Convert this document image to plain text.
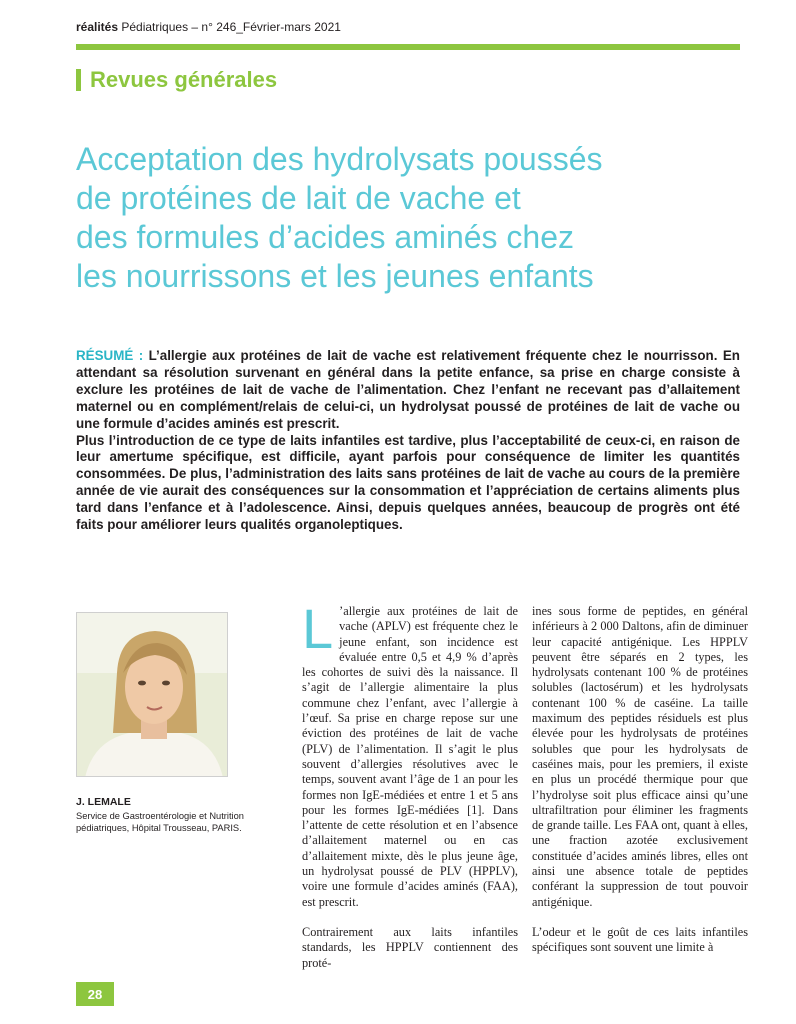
réalités Pédiatriques – n° 246_Février-mars 2021
Revues générales
Acceptation des hydrolysats poussés
de protéines de lait de vache et
des formules d’acides aminés chez
les nourrissons et les jeunes enfants

RÉSUMÉ : L’allergie aux protéines de lait de vache est relativement fréquente chez le nourrisson. En attendant sa résolution survenant en général dans la petite enfance, sa prise en charge consiste à exclure les protéines de lait de vache de l’alimentation. Chez l’enfant ne recevant pas d’allaitement maternel ou en complément/relais de celui-ci, un hydrolysat poussé de protéines de lait de vache ou une formule d’acides aminés est prescrit.

Plus l’introduction de ce type de laits infantiles est tardive, plus l’acceptabilité de ceux-ci, en raison de leur amertume spécifique, est difficile, ayant parfois pour conséquence de limiter les quantités consommées. De plus, l’administration des laits sans protéines de lait de vache au cours de la première année de vie aurait des conséquences sur la consommation et l’appréciation de certains aliments plus tard dans l’enfance et à l’adolescence. Ainsi, depuis quelques années, beaucoup de progrès ont été faits pour améliorer leurs qualités organoleptiques.

J. LEMALE
Service de Gastroentérologie et Nutrition pédiatriques, Hôpital Trousseau, PARIS.
L ’allergie aux protéines de lait de vache (APLV) est fréquente chez le jeune enfant, son incidence est évaluée entre 0,5 et 4,9 % d’après les cohortes de suivi dès la naissance. Il s’agit de l’allergie alimentaire la plus commune chez l’enfant, avec l’allergie à l’œuf. Sa prise en charge repose sur une éviction des protéines de lait de vache (PLV) de l’alimentation. Il s’agit le plus souvent d’allergies résolutives avec le temps, souvent avant l’âge de 1 an pour les formes non IgE-médiées et entre 1 et 5 ans pour les formes IgE-médiées [1]. Dans l’attente de cette résolution et en l’absence d’allaitement maternel ou en cas d’allaitement mixte, dès le plus jeune âge, un hydrolysat poussé de PLV (HPPLV), voire une formule d’acides aminés (FAA), est prescrit.

Contrairement aux laits infantiles standards, les HPPLV contiennent des proté-

ines sous forme de peptides, en général inférieurs à 2 000 Daltons, afin de diminuer leur capacité antigénique. Les HPPLV peuvent être séparés en 2 types, les hydrolysats contenant 100 % de protéines solubles (lactosérum) et les hydrolysats contenant 100 % de caséine. La taille maximum des peptides résiduels est plus élevée pour les hydrolysats de protéines solubles que pour les hydrolysats de caséines mais, pour les premiers, il existe en plus un procédé thermique pour que l’hydrolyse soit plus efficace ainsi qu’une ultrafiltration pour éliminer les fragments de grande taille. Les FAA ont, quant à elles, une fraction azotée exclusivement constituée d’acides aminés libres, elles ont ainsi une absence totale de peptides conférant la suppression de tout pouvoir antigénique.

L’odeur et le goût de ces laits infantiles spécifiques sont souvent une limite à

28
